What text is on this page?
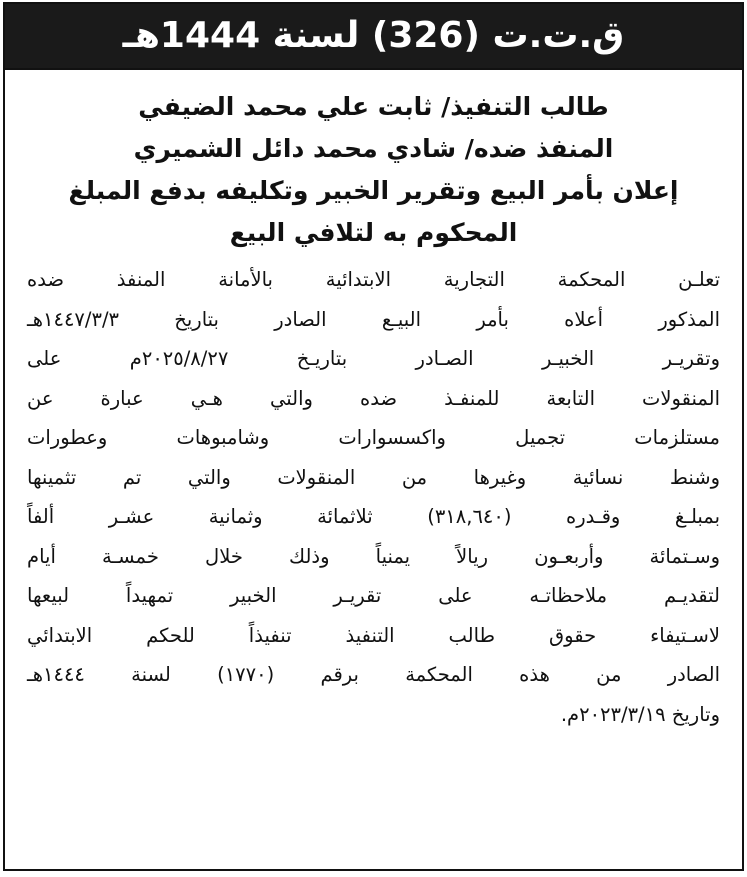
ق.ت.ت (326) لسنة 1444هـ

طالب التنفيذ/ ثابت علي محمد الضيفي

المنفذ ضده/ شادي محمد دائل الشميري

إعلان بأمر البيع وتقرير الخبير وتكليفه بدفع المبلغ

المحكوم به لتلافي البيع

تعلـن المحكمة التجارية الابتدائية بالأمانة المنفذ ضده
المذكور أعلاه بأمر البيـع الصادر بتاريخ ١٤٤٧/٣/٣هـ
وتقريـر الخبيـر الصـادر بتاريـخ ٢٠٢٥/٨/٢٧م على
المنقولات التابعة للمنفـذ ضده والتي هـي عبارة عن
مستلزمات تجميل واكسسوارات وشامبوهات وعطورات
وشنط نسائية وغيرها من المنقولات والتي تم تثمينها
بمبلـغ وقـدره (٣١٨,٦٤٠) ثلاثمائة وثمانية عشـر ألفاً
وسـتمائة وأربعـون ريالاً يمنياً وذلك خلال خمسـة أيام
لتقديـم ملاحظاتـه على تقريـر الخبير تمهيداً لبيعها
لاسـتيفاء حقوق طالب التنفيذ تنفيذاً للحكم الابتدائي
الصادر من هذه المحكمة برقم (١٧٧٠) لسنة ١٤٤٤هـ
وتاريخ ٢٠٢٣/٣/١٩م.
